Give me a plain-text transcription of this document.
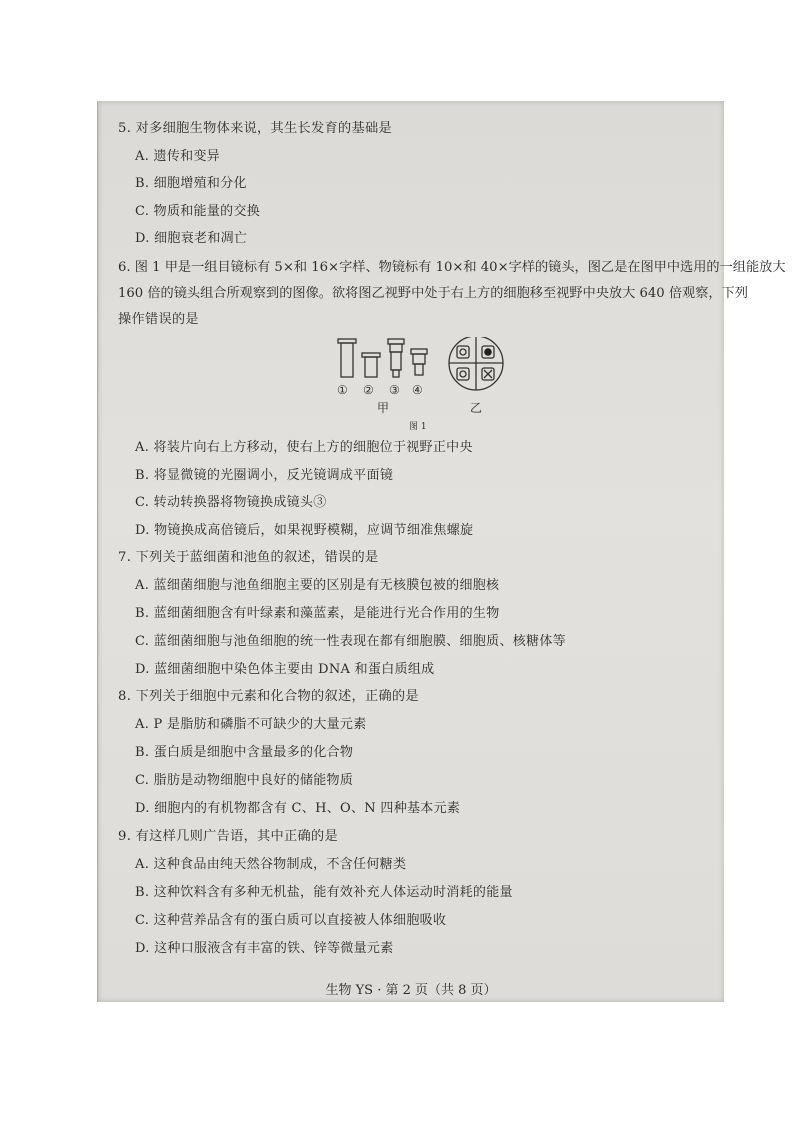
5. 对多细胞生物体来说，其生长发育的基础是
A. 遗传和变异
B. 细胞增殖和分化
C. 物质和能量的交换
D. 细胞衰老和凋亡
6. 图 1 甲是一组目镜标有 5×和 16×字样、物镜标有 10×和 40×字样的镜头，图乙是在图甲中选用的一组能放大
160 倍的镜头组合所观察到的图像。欲将图乙视野中处于右上方的细胞移至视野中央放大 640 倍观察，下列
操作错误的是
① ② ③ ④
甲	乙
图 1
A. 将装片向右上方移动，使右上方的细胞位于视野正中央
B. 将显微镜的光圈调小，反光镜调成平面镜
C. 转动转换器将物镜换成镜头③
D. 物镜换成高倍镜后，如果视野模糊，应调节细准焦螺旋
7. 下列关于蓝细菌和池鱼的叙述，错误的是
A. 蓝细菌细胞与池鱼细胞主要的区别是有无核膜包被的细胞核
B. 蓝细菌细胞含有叶绿素和藻蓝素，是能进行光合作用的生物
C. 蓝细菌细胞与池鱼细胞的统一性表现在都有细胞膜、细胞质、核糖体等
D. 蓝细菌细胞中染色体主要由 DNA 和蛋白质组成
8. 下列关于细胞中元素和化合物的叙述，正确的是
A. P 是脂肪和磷脂不可缺少的大量元素
B. 蛋白质是细胞中含量最多的化合物
C. 脂肪是动物细胞中良好的储能物质
D. 细胞内的有机物都含有 C、H、O、N 四种基本元素
9. 有这样几则广告语，其中正确的是
A. 这种食品由纯天然谷物制成，不含任何糖类
B. 这种饮料含有多种无机盐，能有效补充人体运动时消耗的能量
C. 这种营养品含有的蛋白质可以直接被人体细胞吸收
D. 这种口服液含有丰富的铁、锌等微量元素
生物 YS · 第 2 页（共 8 页）
